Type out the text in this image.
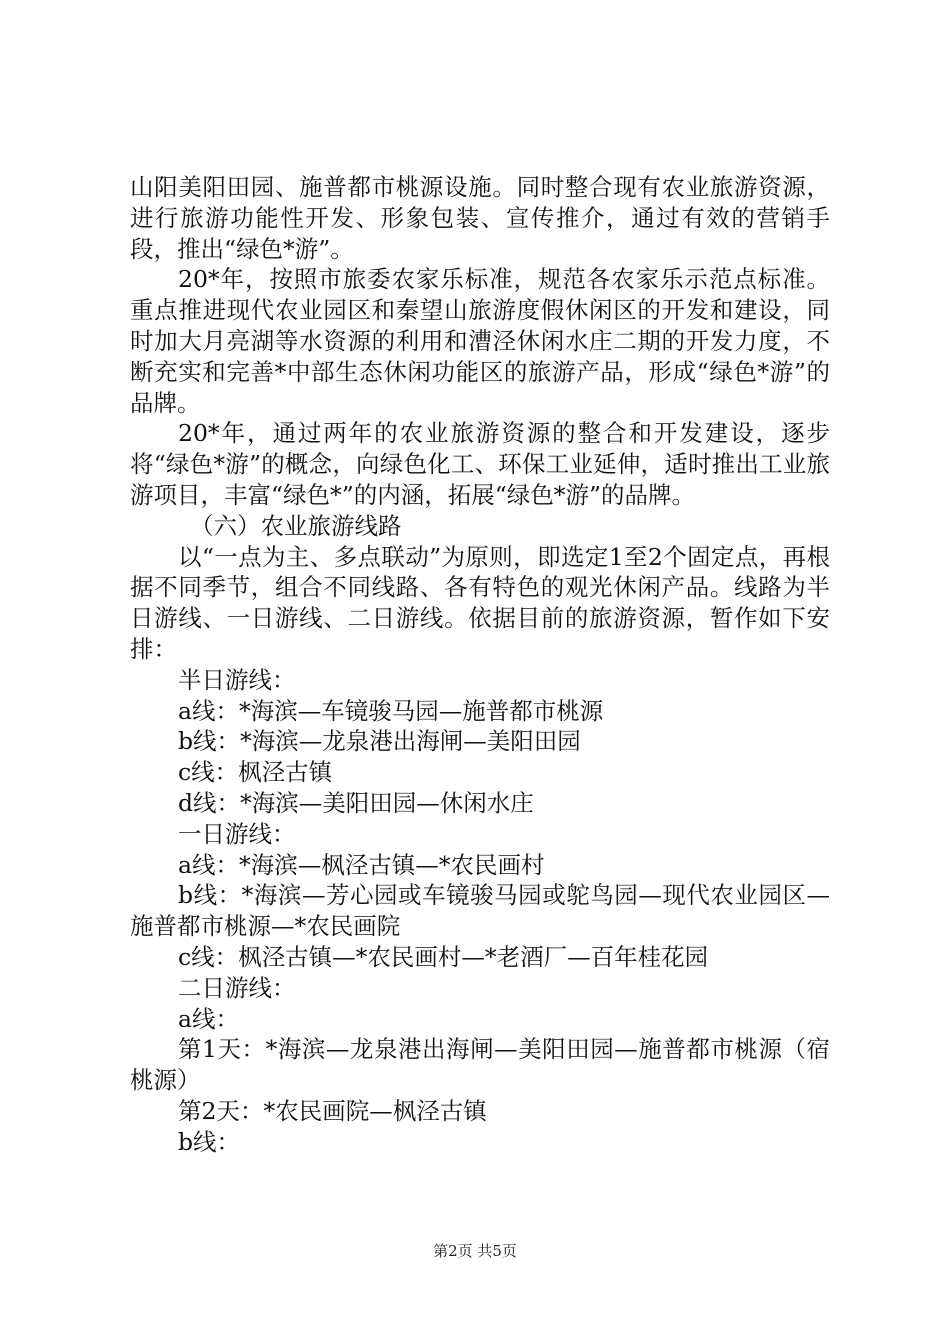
山阳美阳田园、施普都市桃源设施。同时整合现有农业旅游资源，进行旅游功能性开发、形象包装、宣传推介，通过有效的营销手段，推出“绿色*游”。

20*年，按照市旅委农家乐标准，规范各农家乐示范点标准。重点推进现代农业园区和秦望山旅游度假休闲区的开发和建设，同时加大月亮湖等水资源的利用和漕泾休闲水庄二期的开发力度，不断充实和完善*中部生态休闲功能区的旅游产品，形成“绿色*游”的品牌。

20*年，通过两年的农业旅游资源的整合和开发建设，逐步将“绿色*游”的概念，向绿色化工、环保工业延伸，适时推出工业旅游项目，丰富“绿色*”的内涵，拓展“绿色*游”的品牌。

（六）农业旅游线路

以“一点为主、多点联动”为原则，即选定1至2个固定点，再根据不同季节，组合不同线路、各有特色的观光休闲产品。线路为半日游线、一日游线、二日游线。依据目前的旅游资源，暂作如下安排：

半日游线：

a线：*海滨—车镜骏马园—施普都市桃源

b线：*海滨—龙泉港出海闸—美阳田园

c线：枫泾古镇

d线：*海滨—美阳田园—休闲水庄

一日游线：

a线：*海滨—枫泾古镇—*农民画村

b线：*海滨—芳心园或车镜骏马园或鸵鸟园—现代农业园区—施普都市桃源—*农民画院

c线：枫泾古镇—*农民画村—*老酒厂—百年桂花园

二日游线：

a线：

第1天：*海滨—龙泉港出海闸—美阳田园—施普都市桃源（宿桃源）

第2天：*农民画院—枫泾古镇

b线：

第2页 共5页
